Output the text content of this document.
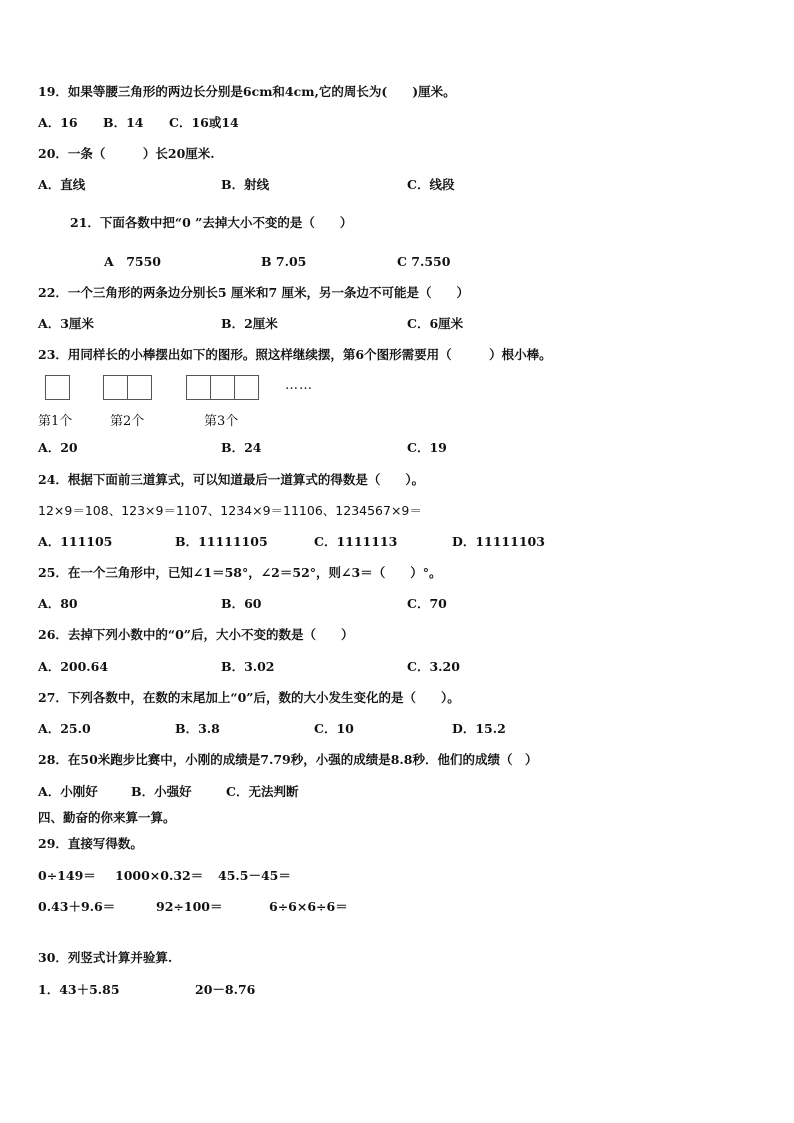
19．如果等腰三角形的两边长分别是6cm和4cm,它的周长为(　　)厘米。
A．16 B．14 C．16或14
20．一条（　　　）长20厘米.
A．直线	B．射线	C．线段
21．下面各数中把“0 ”去掉大小不变的是（　　）
A　7550	B 7.05	C 7.550
22．一个三角形的两条边分别长5 厘米和7 厘米，另一条边不可能是（　　）
A．3厘米	B．2厘米	C．6厘米
23．用同样长的小棒摆出如下的图形。照这样继续摆，第6个图形需要用（　　　）根小棒。
……
第1个	第2个	第3个
A．20	B．24	C．19
24．根据下面前三道算式，可以知道最后一道算式的得数是（　　）。
12×9＝108、123×9＝1107、1234×9＝11106、1234567×9＝
A．111105	B．11111105	C．1111113	D．11111103
25．在一个三角形中，已知∠1＝58°，∠2＝52°，则∠3＝（　　）°。
A．80	B．60	C．70
26．去掉下列小数中的“0”后，大小不变的数是（　　）
A．200.64	B．3.02	C．3.20
27．下列各数中，在数的末尾加上“0”后，数的大小发生变化的是（　　）。
A．25.0	B．3.8	C．10	D．15.2
28．在50米跑步比赛中，小刚的成绩是7.79秒，小强的成绩是8.8秒．他们的成绩（　）
A．小刚好	B．小强好	C．无法判断
四、勤奋的你来算一算。
29．直接写得数。
0÷149＝ 1000×0.32＝ 45.5－45＝
0.43＋9.6＝	92÷100＝	6÷6×6÷6＝
30．列竖式计算并验算.
1．43＋5.85	20－8.76
